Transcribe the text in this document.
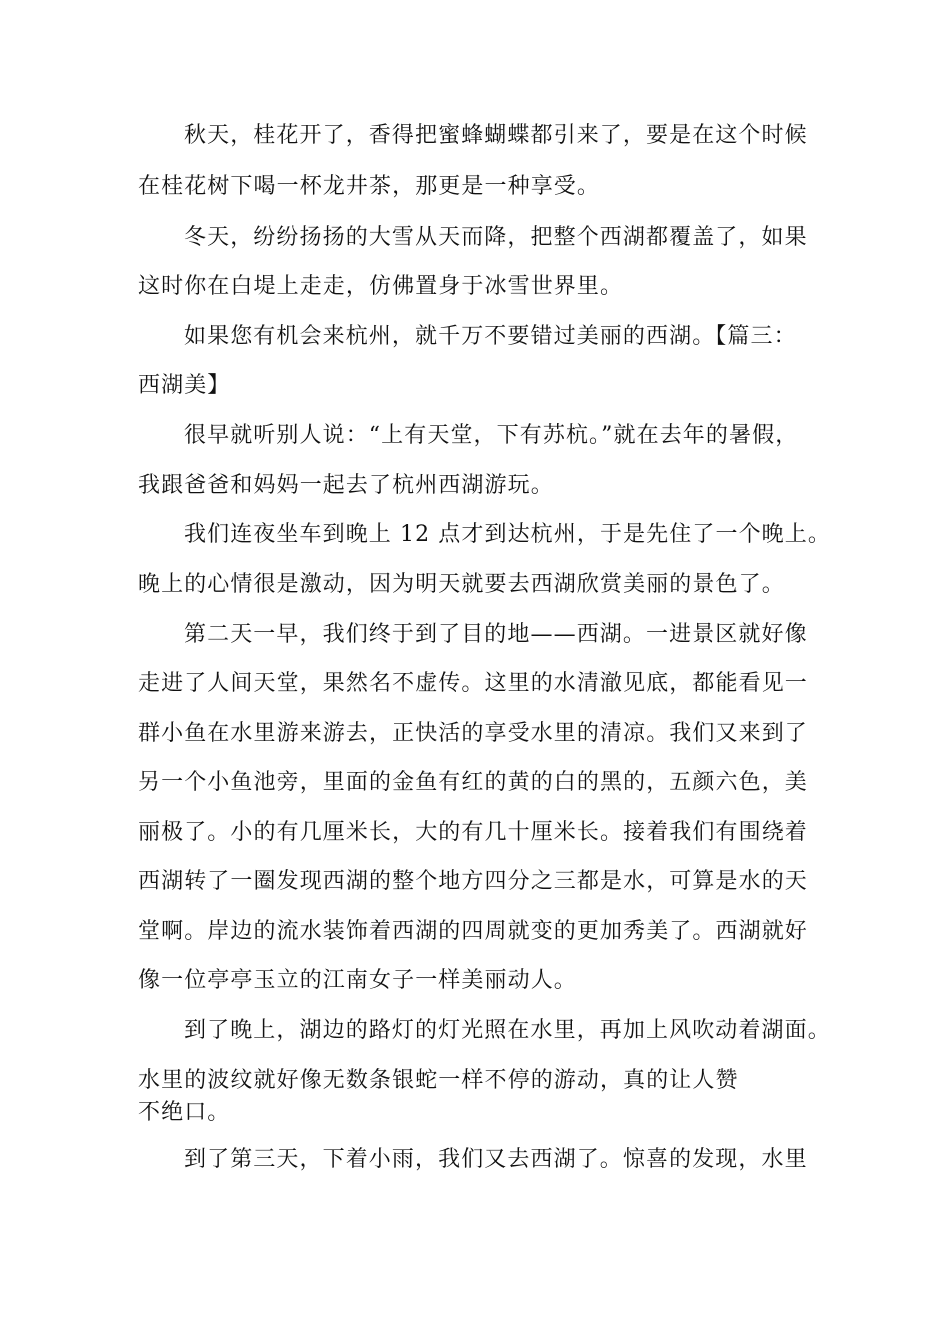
秋天，桂花开了，香得把蜜蜂蝴蝶都引来了，要是在这个时候
在桂花树下喝一杯龙井茶，那更是一种享受。
冬天，纷纷扬扬的大雪从天而降，把整个西湖都覆盖了，如果
这时你在白堤上走走，仿佛置身于冰雪世界里。
如果您有机会来杭州，就千万不要错过美丽的西湖。【篇三：
西湖美】
很早就听别人说：“上有天堂，下有苏杭。”就在去年的暑假，
我跟爸爸和妈妈一起去了杭州西湖游玩。
我们连夜坐车到晚上 12 点才到达杭州，于是先住了一个晚上。
晚上的心情很是激动，因为明天就要去西湖欣赏美丽的景色了。
第二天一早，我们终于到了目的地——西湖。一进景区就好像
走进了人间天堂，果然名不虚传。这里的水清澈见底，都能看见一
群小鱼在水里游来游去，正快活的享受水里的清凉。我们又来到了
另一个小鱼池旁，里面的金鱼有红的黄的白的黑的，五颜六色，美
丽极了。小的有几厘米长，大的有几十厘米长。接着我们有围绕着
西湖转了一圈发现西湖的整个地方四分之三都是水，可算是水的天
堂啊。岸边的流水装饰着西湖的四周就变的更加秀美了。西湖就好
像一位亭亭玉立的江南女子一样美丽动人。
到了晚上，湖边的路灯的灯光照在水里，再加上风吹动着湖面。
水里的波纹就好像无数条银蛇一样不停的游动，真的让人赞
不绝口。
到了第三天，下着小雨，我们又去西湖了。惊喜的发现，水里
